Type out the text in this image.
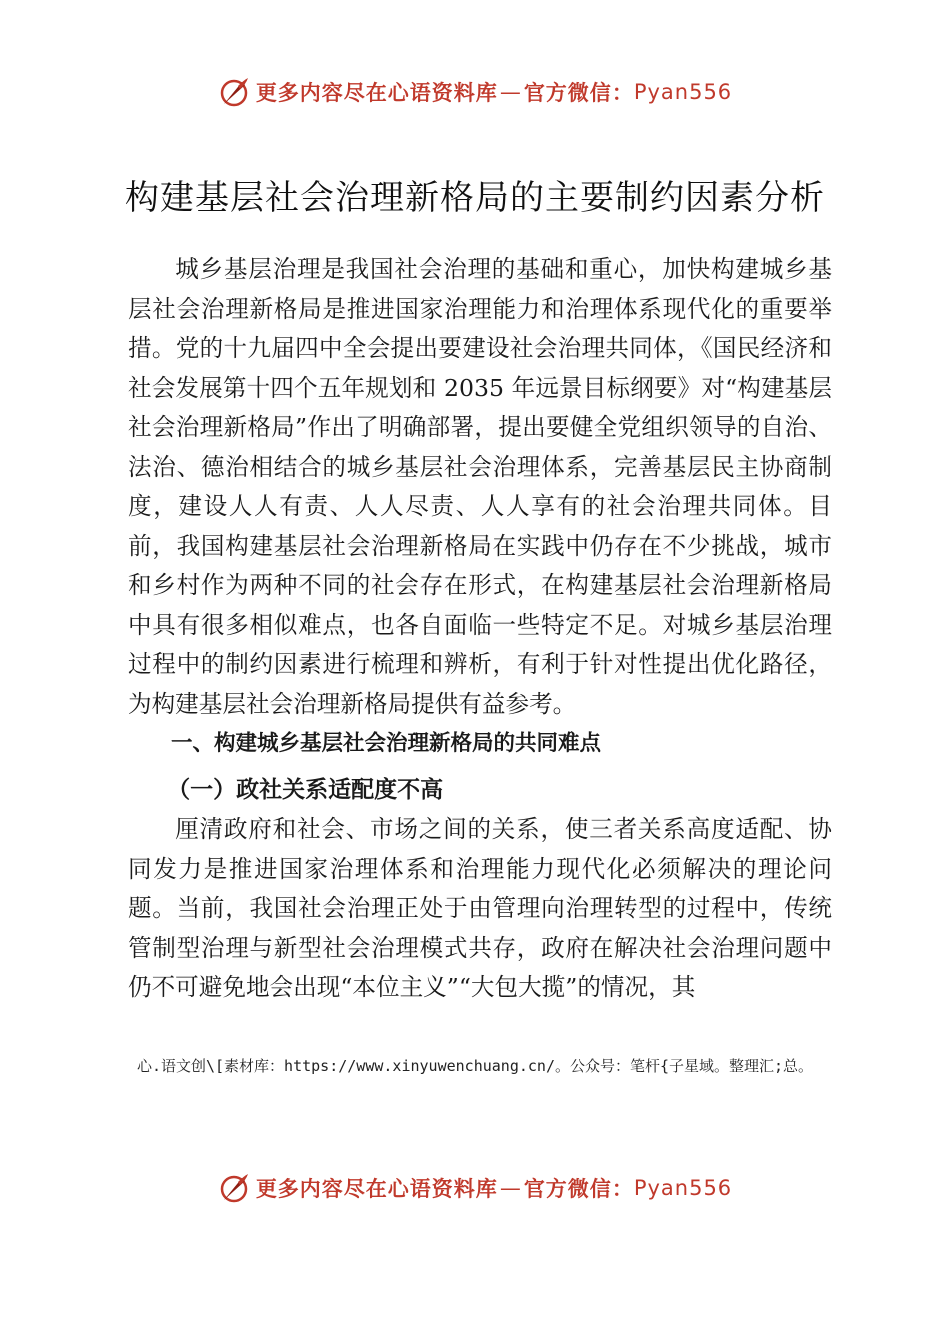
更多内容尽在心语资料库 — 官方微信 ： Pyan556
构建基层社会治理新格局的主要制约因素分析

城乡基层治理是我国社会治理的基础和重心，加快构建城乡基层社会治理新格局是推进国家治理能力和治理体系现代化的重要举措。党的十九届四中全会提出要建设社会治理共同体，《国民经济和社会发展第十四个五年规划和 2035 年远景目标纲要》对“构建基层社会治理新格局”作出了明确部署，提出要健全党组织领导的自治、法治、德治相结合的城乡基层社会治理体系，完善基层民主协商制度，建设人人有责、人人尽责、人人享有的社会治理共同体。目前，我国构建基层社会治理新格局在实践中仍存在不少挑战，城市和乡村作为两种不同的社会存在形式，在构建基层社会治理新格局中具有很多相似难点，也各自面临一些特定不足。对城乡基层治理过程中的制约因素进行梳理和辨析，有利于针对性提出优化路径，为构建基层社会治理新格局提供有益参考。

一、构建城乡基层社会治理新格局的共同难点
（一）政社关系适配度不高

厘清政府和社会、市场之间的关系，使三者关系高度适配、协同发力是推进国家治理体系和治理能力现代化必须解决的理论问题。当前，我国社会治理正处于由管理向治理转型的过程中，传统管制型治理与新型社会治理模式共存，政府在解决社会治理问题中仍不可避免地会出现“本位主义”“大包大揽”的情况，其

心.语文创\[素材库：https://www.xinyuwenchuang.cn/。公众号：笔杆{子星域。整理汇;总。
更多内容尽在心语资料库 — 官方微信 ： Pyan556
